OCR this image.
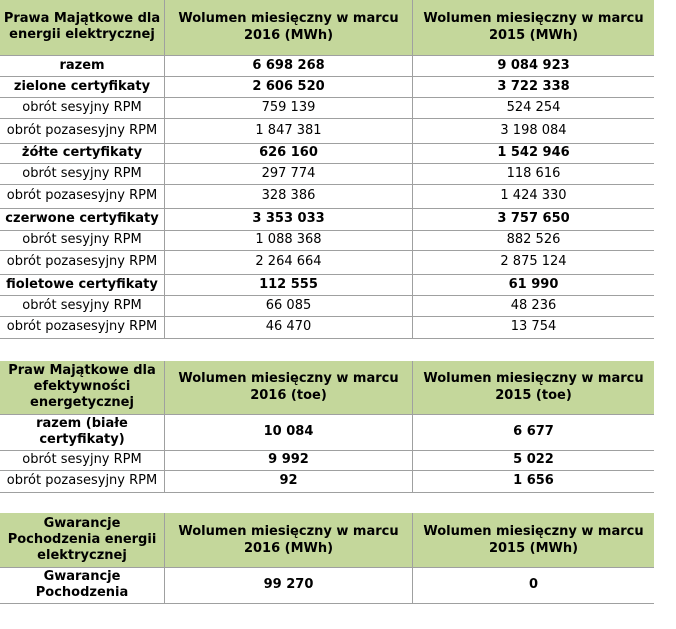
Prawa Majątkowe dla energii elektrycznej	Wolumen miesięczny w marcu 2016 (MWh)	Wolumen miesięczny w marcu 2015 (MWh)
razem	6 698 268	9 084 923
zielone certyfikaty	2 606 520	3 722 338
obrót sesyjny RPM	759 139	524 254
obrót pozasesyjny RPM	1 847 381	3 198 084
żółte certyfikaty	626 160	1 542 946
obrót sesyjny RPM	297 774	118 616
obrót pozasesyjny RPM	328 386	1 424 330
czerwone certyfikaty	3 353 033	3 757 650
obrót sesyjny RPM	1 088 368	882 526
obrót pozasesyjny RPM	2 264 664	2 875 124
fioletowe certyfikaty	112 555	61 990
obrót sesyjny RPM	66 085	48 236
obrót pozasesyjny RPM	46 470	13 754
Praw Majątkowe dla efektywności energetycznej	Wolumen miesięczny w marcu 2016 (toe)	Wolumen miesięczny w marcu 2015 (toe)
razem (białe certyfikaty)	10 084	6 677
obrót sesyjny RPM	9 992	5 022
obrót pozasesyjny RPM	92	1 656
Gwarancje Pochodzenia energii elektrycznej	Wolumen miesięczny w marcu 2016 (MWh)	Wolumen miesięczny w marcu 2015 (MWh)
Gwarancje Pochodzenia	99 270	0
